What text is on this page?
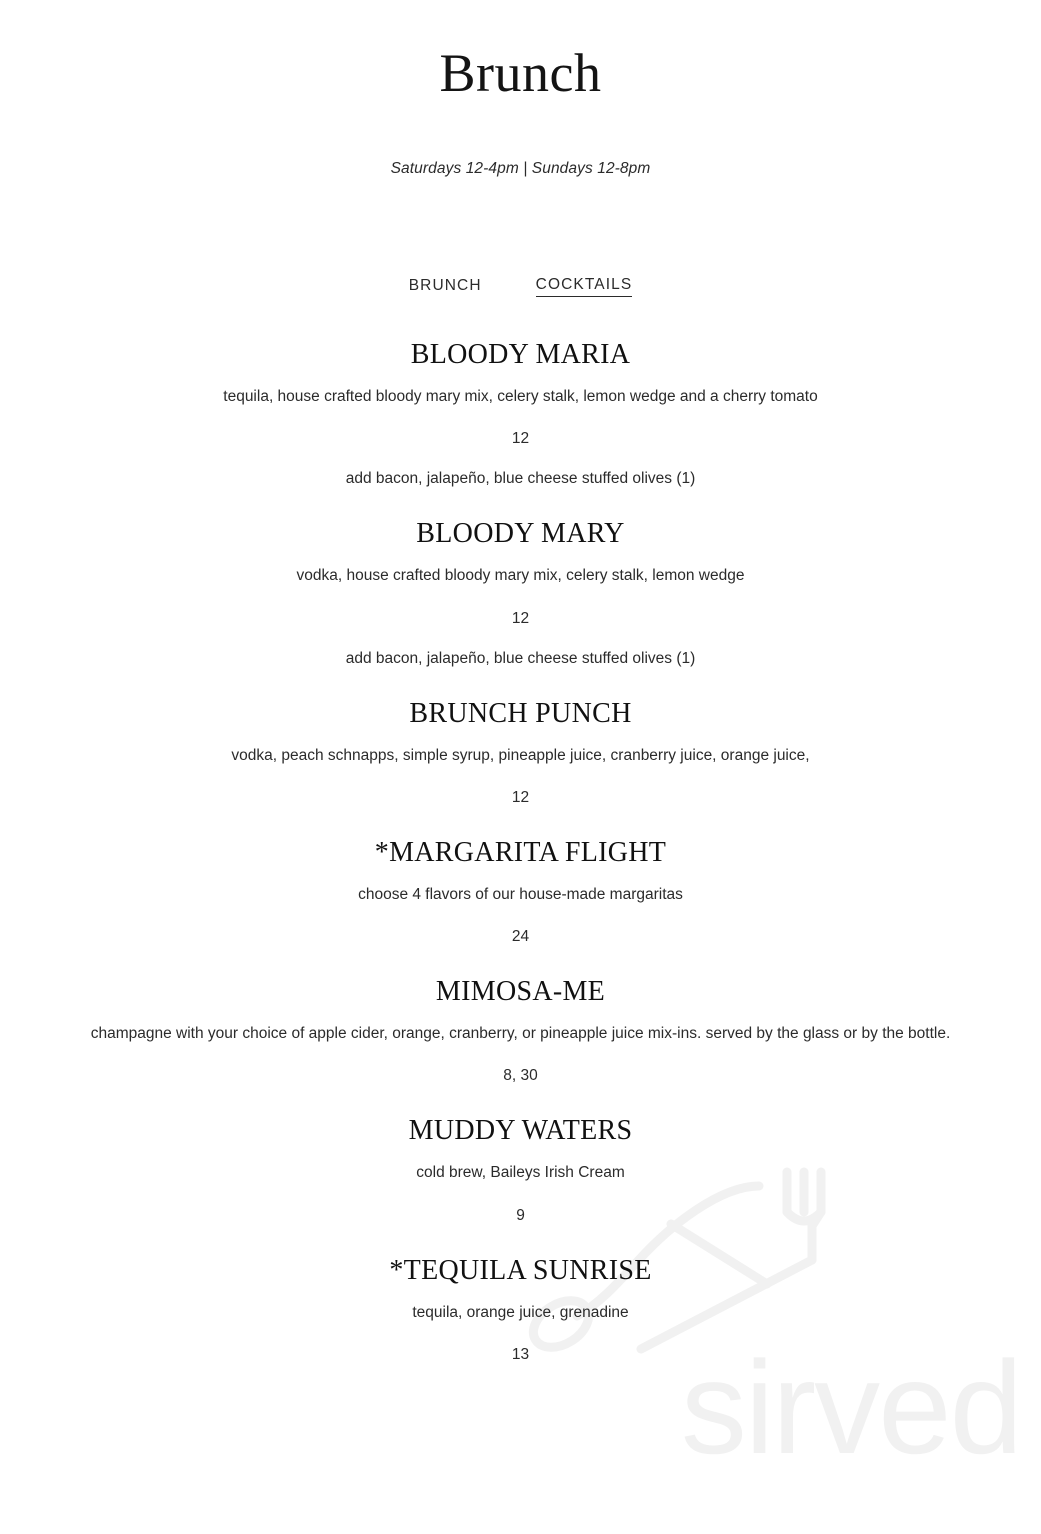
sirved
Brunch
Saturdays 12-4pm | Sundays 12-8pm
BRUNCH	COCKTAILS
BLOODY MARIA

tequila, house crafted bloody mary mix, celery stalk, lemon wedge and a cherry tomato

12

add bacon, jalapeño, blue cheese stuffed olives (1)

BLOODY MARY

vodka, house crafted bloody mary mix, celery stalk, lemon wedge

12

add bacon, jalapeño, blue cheese stuffed olives (1)

BRUNCH PUNCH

vodka, peach schnapps, simple syrup, pineapple juice, cranberry juice, orange juice,

12

*MARGARITA FLIGHT

choose 4 flavors of our house-made margaritas

24

MIMOSA-ME

champagne with your choice of apple cider, orange, cranberry, or pineapple juice mix-ins. served by the glass or by the bottle.

8, 30

MUDDY WATERS

cold brew, Baileys Irish Cream

9

*TEQUILA SUNRISE

tequila, orange juice, grenadine

13
